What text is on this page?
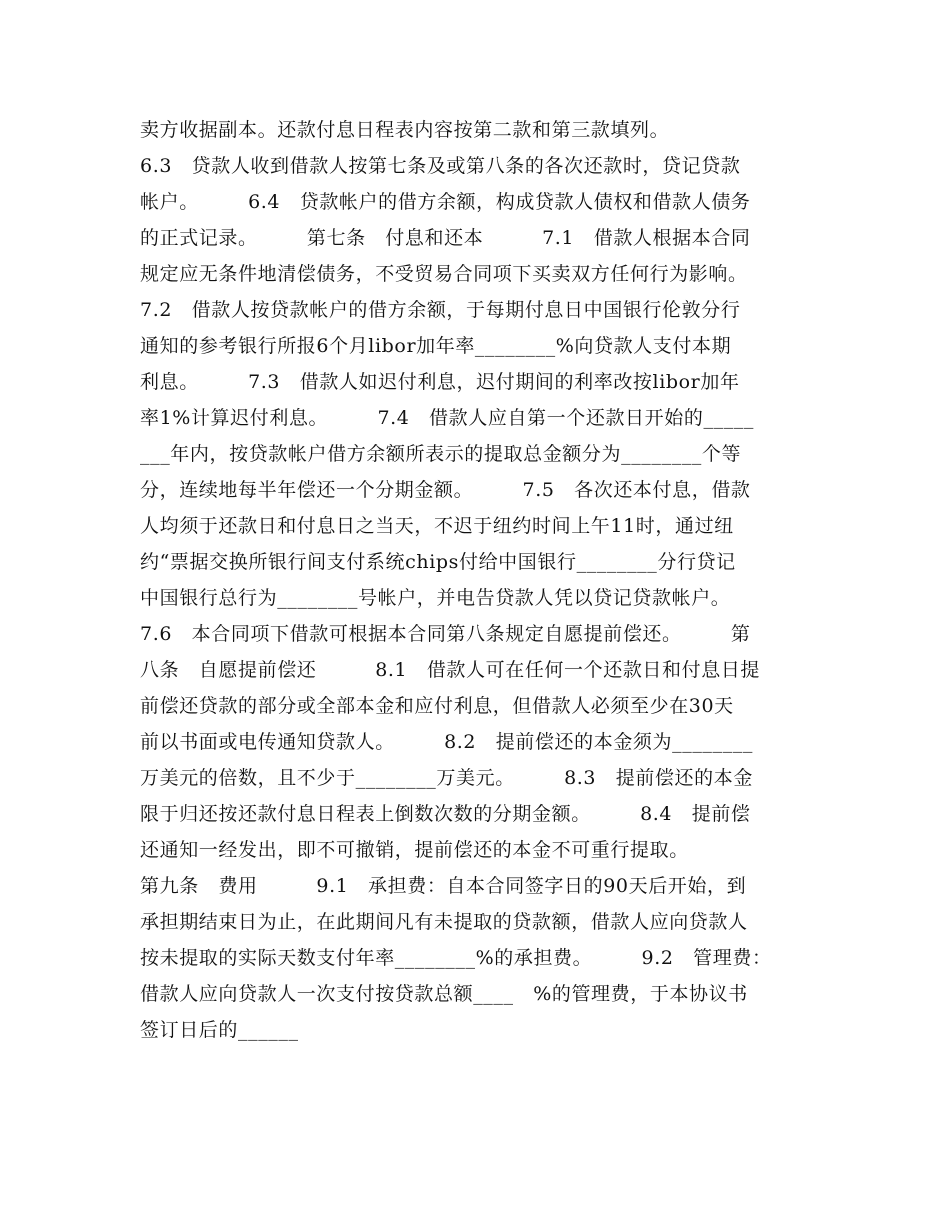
卖方收据副本。还款付息日程表内容按第二款和第三款填列。
6.3　贷款人收到借款人按第七条及或第八条的各次还款时，贷记贷款
帐户。　　　6.4　贷款帐户的借方余额，构成贷款人债权和借款人债务
的正式记录。　　　第七条　付息和还本　　　7.1　借款人根据本合同
规定应无条件地清偿债务，不受贸易合同项下买卖双方任何行为影响。
7.2　借款人按贷款帐户的借方余额，于每期付息日中国银行伦敦分行
通知的参考银行所报6个月libor加年率________%向贷款人支付本期
利息。　　　7.3　借款人如迟付利息，迟付期间的利率改按libor加年
率1%计算迟付利息。　　　7.4　借款人应自第一个还款日开始的_____
___年内，按贷款帐户借方余额所表示的提取总金额分为________个等
分，连续地每半年偿还一个分期金额。　　　7.5　各次还本付息，借款
人均须于还款日和付息日之当天，不迟于纽约时间上午11时，通过纽
约“票据交换所银行间支付系统chips付给中国银行________分行贷记
中国银行总行为________号帐户，并电告贷款人凭以贷记贷款帐户。
7.6　本合同项下借款可根据本合同第八条规定自愿提前偿还。　　　第
八条　自愿提前偿还　　　8.1　借款人可在任何一个还款日和付息日提
前偿还贷款的部分或全部本金和应付利息，但借款人必须至少在30天
前以书面或电传通知贷款人。　　　8.2　提前偿还的本金须为________
万美元的倍数，且不少于________万美元。　　　8.3　提前偿还的本金
限于归还按还款付息日程表上倒数次数的分期金额。　　　8.4　提前偿
还通知一经发出，即不可撤销，提前偿还的本金不可重行提取。
第九条　费用　　　9.1　承担费：自本合同签字日的90天后开始，到
承担期结束日为止，在此期间凡有未提取的贷款额，借款人应向贷款人
按未提取的实际天数支付年率________%的承担费。　　　9.2　管理费：
借款人应向贷款人一次支付按贷款总额____　%的管理费，于本协议书
签订日后的______
